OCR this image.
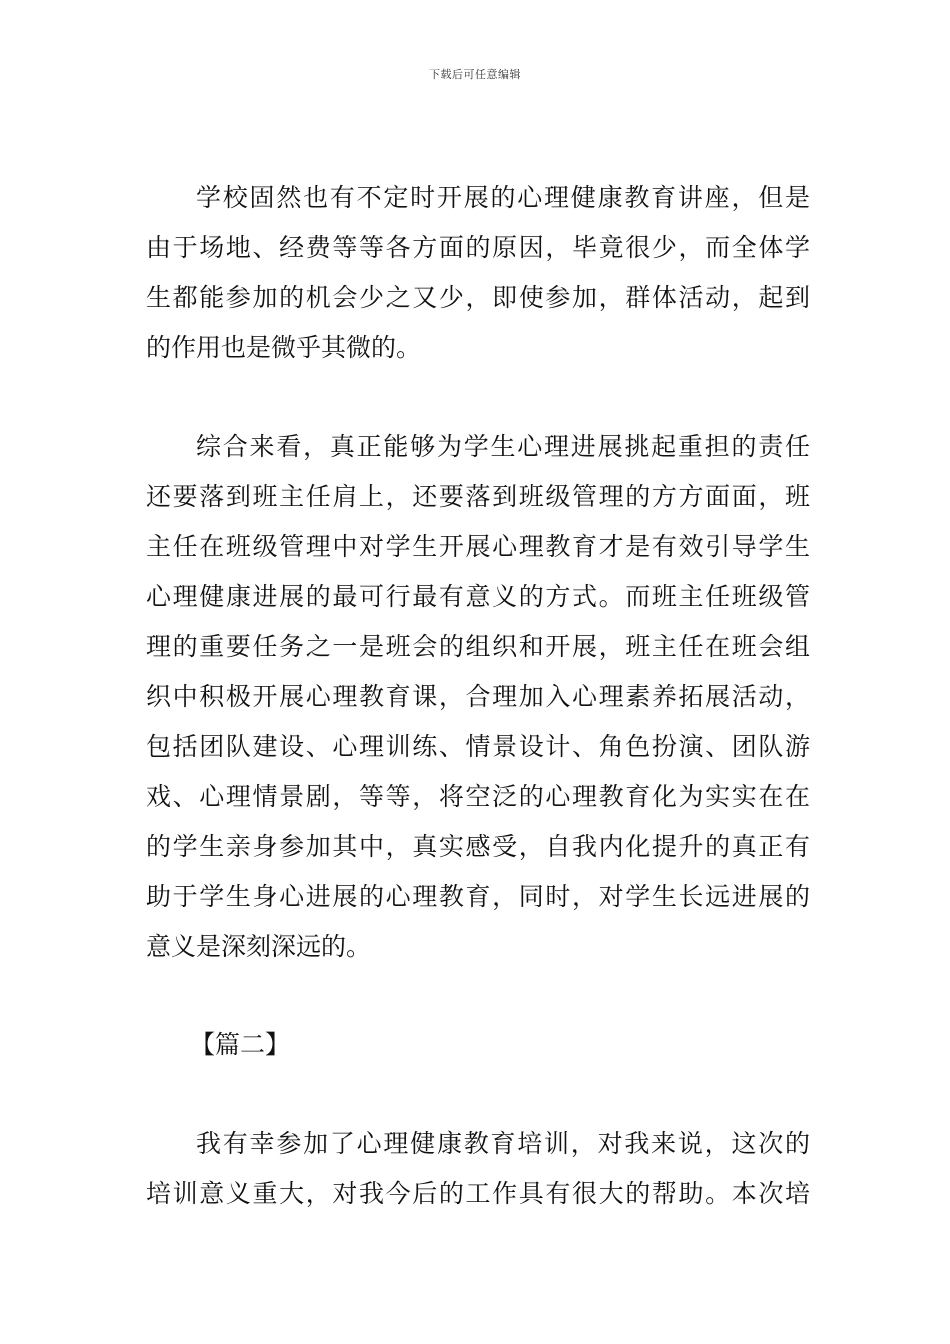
下载后可任意编辑
学校固然也有不定时开展的心理健康教育讲座，但是
由于场地、经费等等各方面的原因，毕竟很少，而全体学
生都能参加的机会少之又少，即使参加，群体活动，起到
的作用也是微乎其微的。
综合来看，真正能够为学生心理进展挑起重担的责任
还要落到班主任肩上，还要落到班级管理的方方面面，班
主任在班级管理中对学生开展心理教育才是有效引导学生
心理健康进展的最可行最有意义的方式。而班主任班级管
理的重要任务之一是班会的组织和开展，班主任在班会组
织中积极开展心理教育课，合理加入心理素养拓展活动，
包括团队建设、心理训练、情景设计、角色扮演、团队游
戏、心理情景剧，等等，将空泛的心理教育化为实实在在
的学生亲身参加其中，真实感受，自我内化提升的真正有
助于学生身心进展的心理教育，同时，对学生长远进展的
意义是深刻深远的。
【篇二】
我有幸参加了心理健康教育培训，对我来说，这次的
培训意义重大，对我今后的工作具有很大的帮助。本次培
